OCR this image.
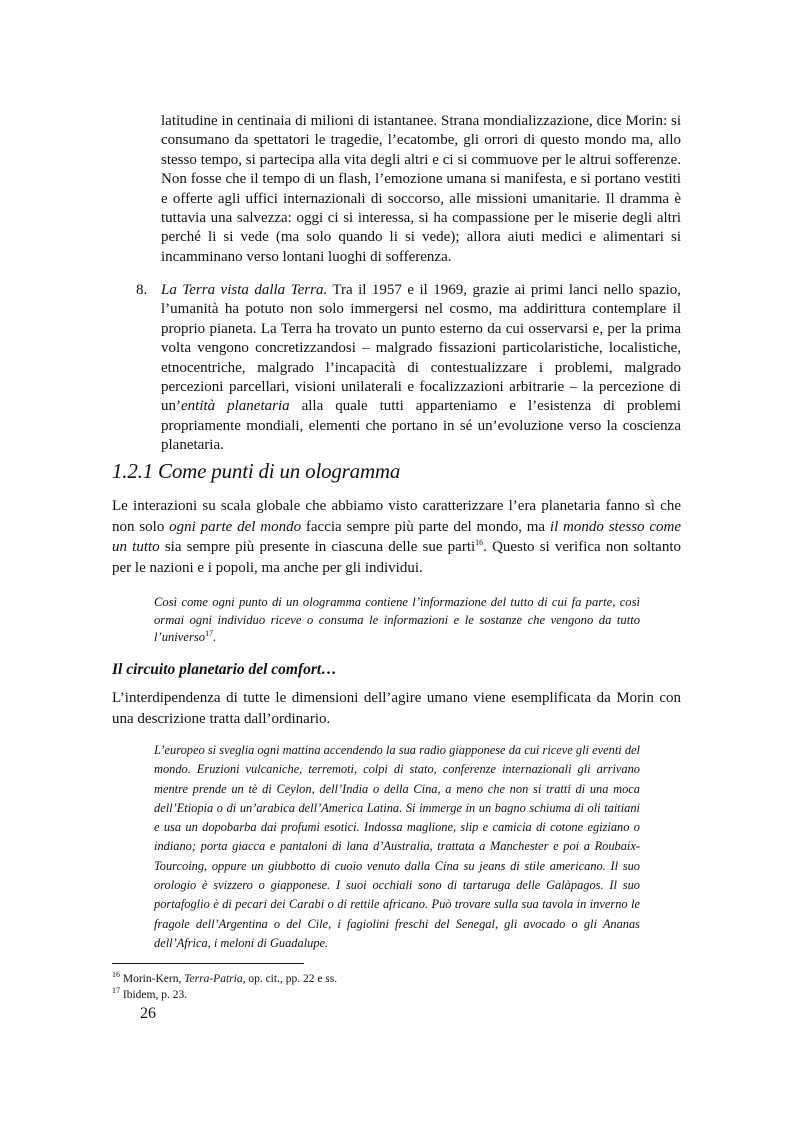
latitudine in centinaia di milioni di istantanee. Strana mondializzazione, dice Morin: si consumano da spettatori le tragedie, l’ecatombe, gli orrori di questo mondo ma, allo stesso tempo, si partecipa alla vita degli altri e ci si commuove per le altrui sofferenze. Non fosse che il tempo di un flash, l’emozione umana si manifesta, e si portano vestiti e offerte agli uffici internazionali di soccorso, alle missioni umanitarie. Il dramma è tuttavia una salvezza: oggi ci si interessa, si ha compassione per le miserie degli altri perché li si vede (ma solo quando li si vede); allora aiuti medici e alimentari si incamminano verso lontani luoghi di sofferenza.

8. La Terra vista dalla Terra. Tra il 1957 e il 1969, grazie ai primi lanci nello spazio, l’umanità ha potuto non solo immergersi nel cosmo, ma addirittura contemplare il proprio pianeta. La Terra ha trovato un punto esterno da cui osservarsi e, per la prima volta vengono concretizzandosi – malgrado fissazioni particolaristiche, localistiche, etnocentriche, malgrado l’incapacità di contestualizzare i problemi, malgrado percezioni parcellari, visioni unilaterali e focalizzazioni arbitrarie – la percezione di un’entità planetaria alla quale tutti apparteniamo e l’esistenza di problemi propriamente mondiali, elementi che portano in sé un’evoluzione verso la coscienza planetaria.

1.2.1 Come punti di un ologramma

Le interazioni su scala globale che abbiamo visto caratterizzare l’era planetaria fanno sì che non solo ogni parte del mondo faccia sempre più parte del mondo, ma il mondo stesso come un tutto sia sempre più presente in ciascuna delle sue parti$^{16}$. Questo si verifica non soltanto per le nazioni e i popoli, ma anche per gli individui.

Così come ogni punto di un ologramma contiene l’informazione del tutto di cui fa parte, così ormai ogni individuo riceve o consuma le informazioni e le sostanze che vengono da tutto l’universo$^{17}$.

Il circuito planetario del comfort…

L’interdipendenza di tutte le dimensioni dell’agire umano viene esemplificata da Morin con una descrizione tratta dall’ordinario.

L’europeo si sveglia ogni mattina accendendo la sua radio giapponese da cui riceve gli eventi del mondo. Eruzioni vulcaniche, terremoti, colpi di stato, conferenze internazionali gli arrivano mentre prende un tè di Ceylon, dell’India o della Cina, a meno che non si tratti di una moca dell’Etiopia o di un’arabica dell’America Latina. Si immerge in un bagno schiuma di oli taitiani e usa un dopobarba dai profumi esotici. Indossa maglione, slip e camicia di cotone egiziano o indiano; porta giacca e pantaloni di lana d’Australia, trattata a Manchester e poi a Roubaix-Tourcoing, oppure un giubbotto di cuoio venuto dalla Cina su jeans di stile americano. Il suo orologio è svizzero o giapponese. I suoi occhiali sono di tartaruga delle Galàpagos. Il suo portafoglio è di pecari dei Carabi o di rettile africano. Può trovare sulla sua tavola in inverno le fragole dell’Argentina o del Cile, i fagiolini freschi del Senegal, gli avocado o gli Ananas dell’Africa, i meloni di Guadalupe.

$^{16}$ Morin-Kern, Terra-Patria, op. cit., pp. 22 e ss.
$^{17}$ Ibidem, p. 23.
26
